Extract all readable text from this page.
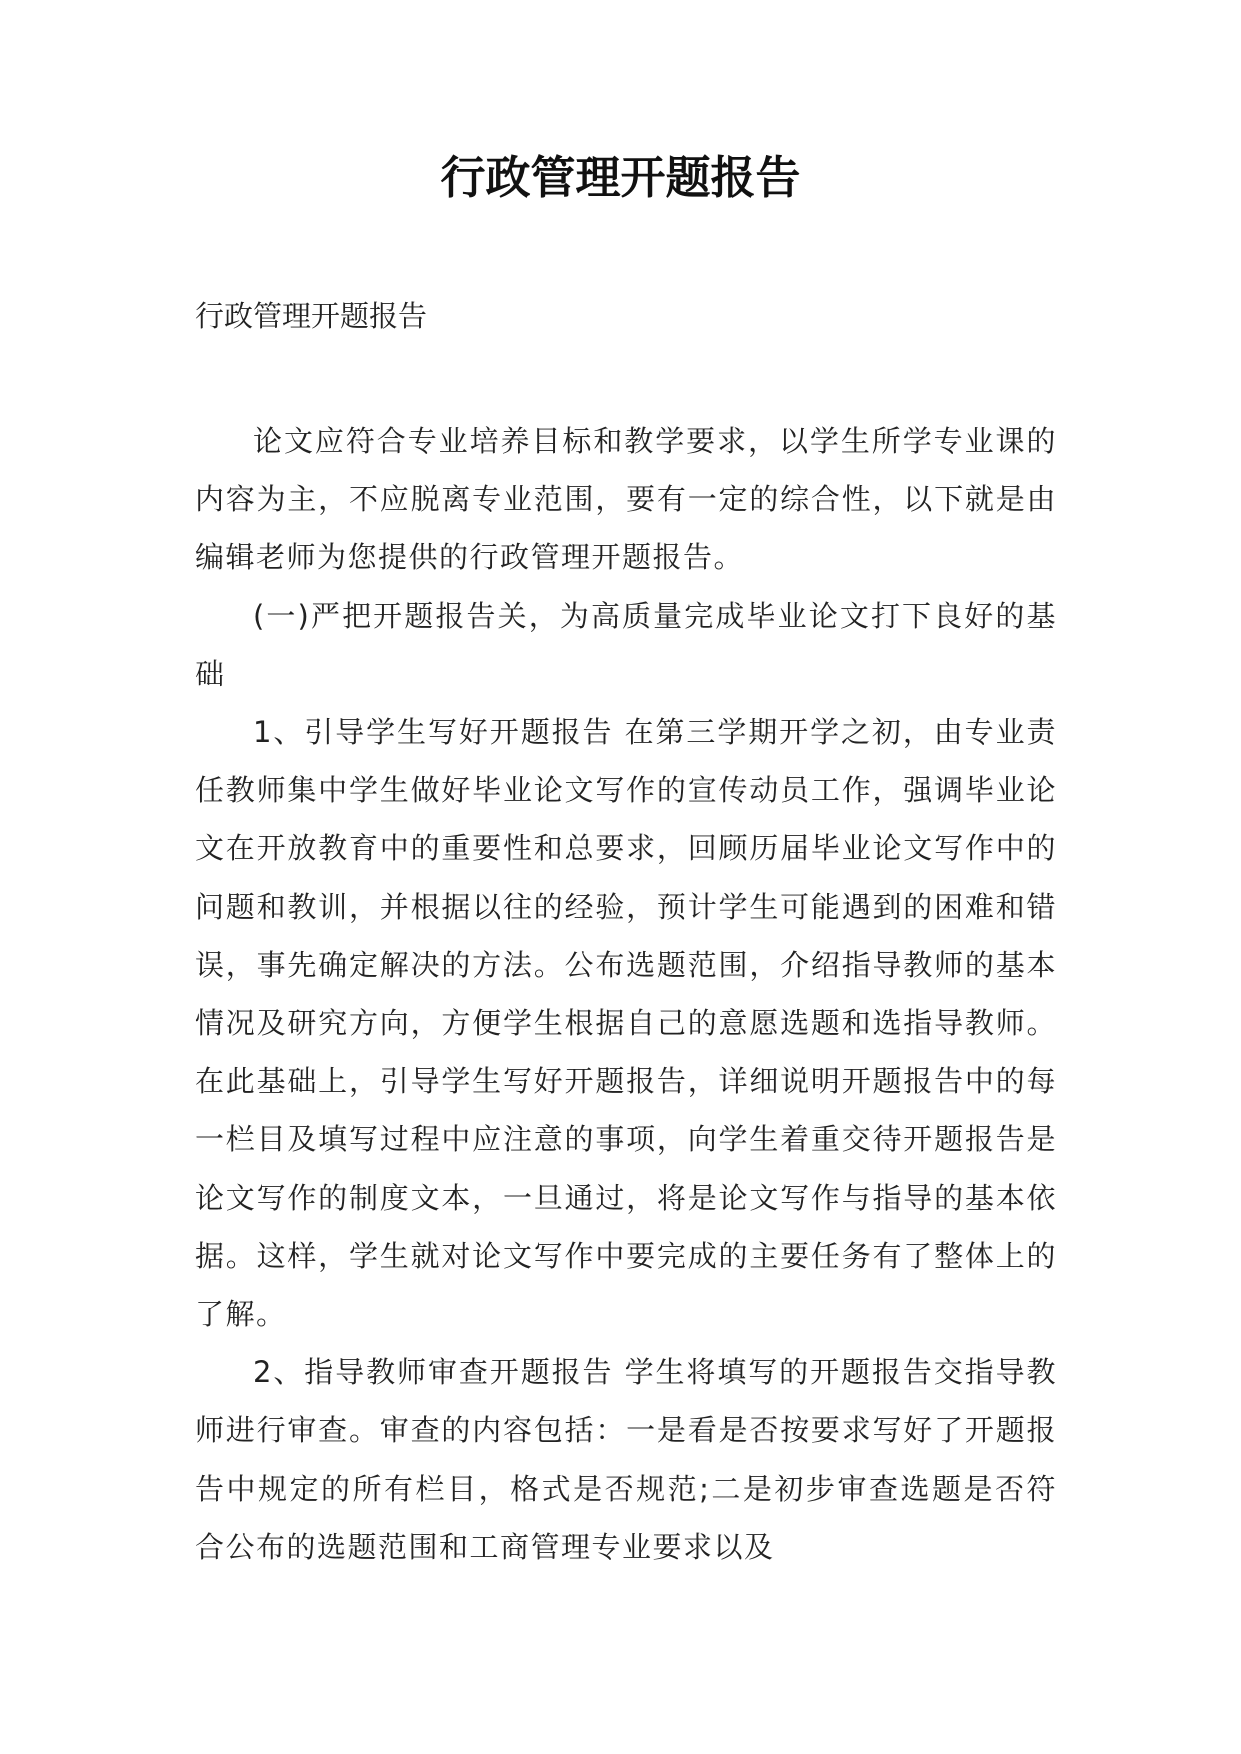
行政管理开题报告
行政管理开题报告

论文应符合专业培养目标和教学要求，以学生所学专业课的内容为主，不应脱离专业范围，要有一定的综合性，以下就是由编辑老师为您提供的行政管理开题报告。

(一)严把开题报告关，为高质量完成毕业论文打下良好的基础

1、引导学生写好开题报告 在第三学期开学之初，由专业责任教师集中学生做好毕业论文写作的宣传动员工作，强调毕业论文在开放教育中的重要性和总要求，回顾历届毕业论文写作中的问题和教训，并根据以往的经验，预计学生可能遇到的困难和错误，事先确定解决的方法。公布选题范围，介绍指导教师的基本情况及研究方向，方便学生根据自己的意愿选题和选指导教师。在此基础上，引导学生写好开题报告，详细说明开题报告中的每一栏目及填写过程中应注意的事项，向学生着重交待开题报告是论文写作的制度文本，一旦通过，将是论文写作与指导的基本依据。这样，学生就对论文写作中要完成的主要任务有了整体上的了解。

2、指导教师审查开题报告 学生将填写的开题报告交指导教师进行审查。审查的内容包括：一是看是否按要求写好了开题报告中规定的所有栏目，格式是否规范;二是初步审查选题是否符合公布的选题范围和工商管理专业要求以及
